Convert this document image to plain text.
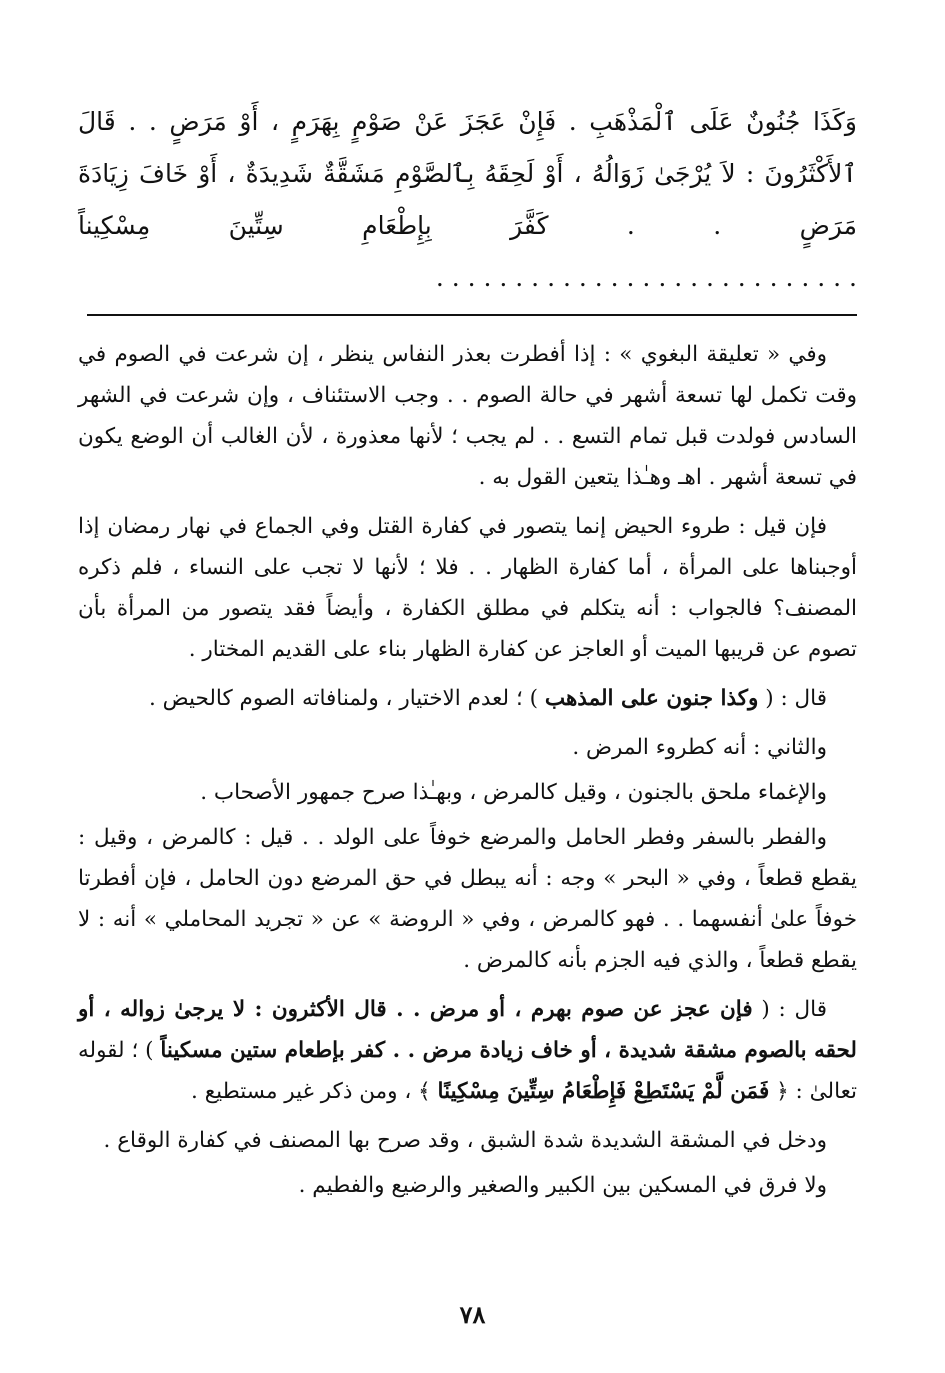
وَكَذَا جُنُونٌ عَلَى ٱلْمَذْهَبِ . فَإِنْ عَجَزَ عَنْ صَوْمٍ بِهَرَمٍ ، أَوْ مَرَضٍ . . قَالَ ٱلأَكْثَرُونَ : لاَ يُرْجَىٰ زَوَالُهُ ، أَوْ لَحِقَهُ بِٱلصَّوْمِ مَشَقَّةٌ شَدِيدَةٌ ، أَوْ خَافَ زِيَادَةَ مَرَضٍ . . كَفَّرَ بِإِطْعَامِ سِتِّينَ مِسْكِيناً . . . . . . . . . . . . . . . . . . . . . . . . . . .

وفي « تعليقة البغوي » : إذا أفطرت بعذر النفاس ينظر ، إن شرعت في الصوم في وقت تكمل لها تسعة أشهر في حالة الصوم . . وجب الاستئناف ، وإن شرعت في الشهر السادس فولدت قبل تمام التسع . . لم يجب ؛ لأنها معذورة ، لأن الغالب أن الوضع يكون في تسعة أشهر . اهـ وهـٰذا يتعين القول به .

فإن قيل : طروء الحيض إنما يتصور في كفارة القتل وفي الجماع في نهار رمضان إذا أوجبناها على المرأة ، أما كفارة الظهار . . فلا ؛ لأنها لا تجب على النساء ، فلم ذكره المصنف؟ فالجواب : أنه يتكلم في مطلق الكفارة ، وأيضاً فقد يتصور من المرأة بأن تصوم عن قريبها الميت أو العاجز عن كفارة الظهار بناء على القديم المختار .

قال : ( وكذا جنون على المذهب ) ؛ لعدم الاختيار ، ولمنافاته الصوم كالحيض .

والثاني : أنه كطروء المرض .

والإغماء ملحق بالجنون ، وقيل كالمرض ، وبهـٰذا صرح جمهور الأصحاب .

والفطر بالسفر وفطر الحامل والمرضع خوفاً على الولد . . قيل : كالمرض ، وقيل : يقطع قطعاً ، وفي « البحر » وجه : أنه يبطل في حق المرضع دون الحامل ، فإن أفطرتا خوفاً علىٰ أنفسهما . . فهو كالمرض ، وفي « الروضة » عن « تجريد المحاملي » أنه : لا يقطع قطعاً ، والذي فيه الجزم بأنه كالمرض .

قال : ( فإن عجز عن صوم بهرم ، أو مرض . . قال الأكثرون : لا يرجىٰ زواله ، أو لحقه بالصوم مشقة شديدة ، أو خاف زيادة مرض . . كفر بإطعام ستين مسكيناً ) ؛ لقوله تعالىٰ : ﴿ فَمَن لَّمْ يَسْتَطِعْ فَإِطْعَامُ سِتِّينَ مِسْكِينًا ﴾ ، ومن ذكر غير مستطيع .

ودخل في المشقة الشديدة شدة الشبق ، وقد صرح بها المصنف في كفارة الوقاع .

ولا فرق في المسكين بين الكبير والصغير والرضيع والفطيم .

٧٨
